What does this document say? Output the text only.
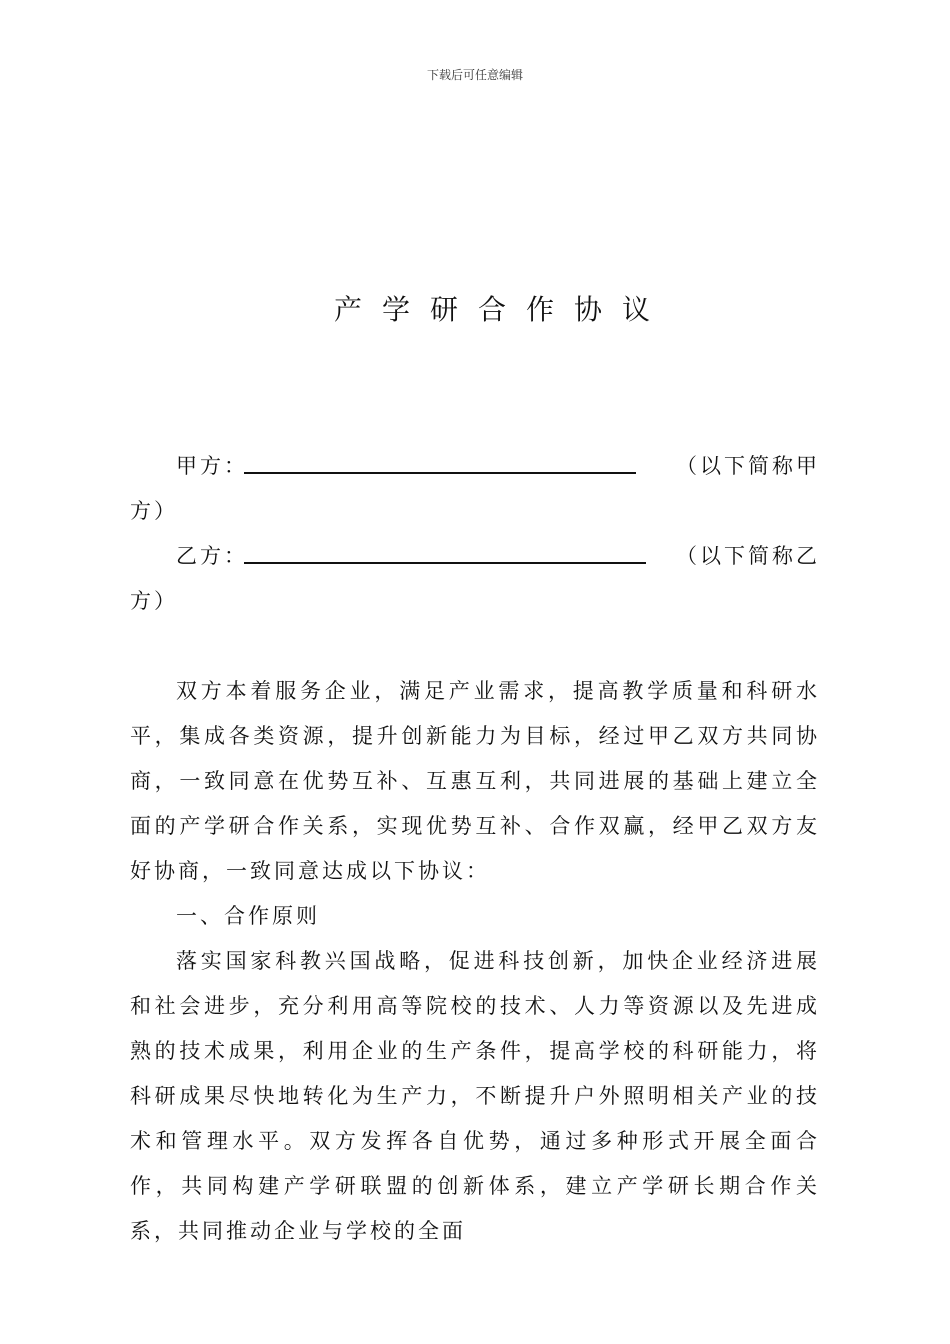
下载后可任意编辑
产学研合作协议
甲方：	（以下简称甲
方）
乙方：	（以下简称乙
方）
双方本着服务企业，满足产业需求，提高教学质量和科研水平，集成各类资源，提升创新能力为目标，经过甲乙双方共同协商，一致同意在优势互补、互惠互利，共同进展的基础上建立全面的产学研合作关系，实现优势互补、合作双赢，经甲乙双方友好协商，一致同意达成以下协议：
一、合作原则
落实国家科教兴国战略，促进科技创新，加快企业经济进展和社会进步，充分利用高等院校的技术、人力等资源以及先进成熟的技术成果，利用企业的生产条件，提高学校的科研能力，将科研成果尽快地转化为生产力，不断提升户外照明相关产业的技术和管理水平。双方发挥各自优势，通过多种形式开展全面合作，共同构建产学研联盟的创新体系，建立产学研长期合作关系，共同推动企业与学校的全面
